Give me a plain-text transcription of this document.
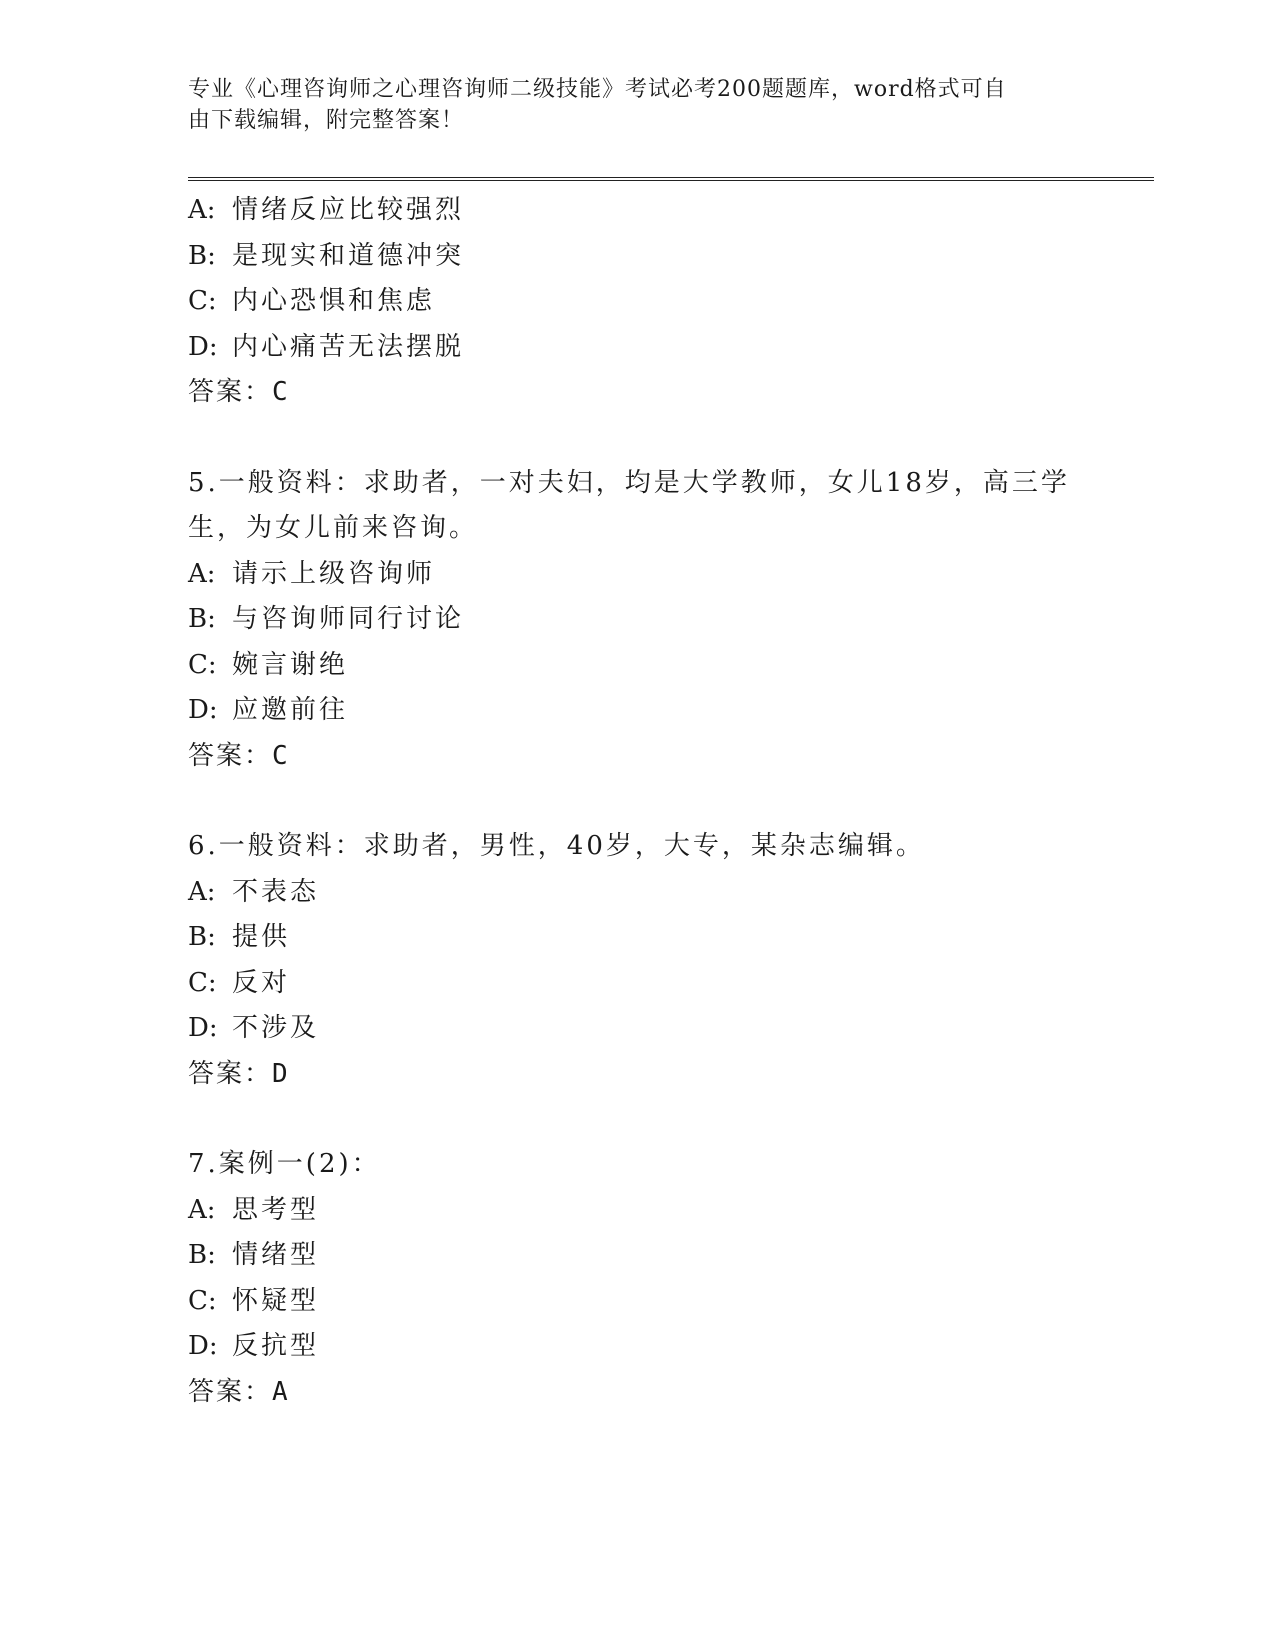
专业《心理咨询师之心理咨询师二级技能》考试必考200题题库，word格式可自
由下载编辑，附完整答案！
A: 情绪反应比较强烈
B: 是现实和道德冲突
C: 内心恐惧和焦虑
D: 内心痛苦无法摆脱
答案：C
5.一般资料：求助者，一对夫妇，均是大学教师，女儿18岁，高三学
生，为女儿前来咨询。
A: 请示上级咨询师
B: 与咨询师同行讨论
C: 婉言谢绝
D: 应邀前往
答案：C
6.一般资料：求助者，男性，40岁，大专，某杂志编辑。
A: 不表态
B: 提供
C: 反对
D: 不涉及
答案：D
7.案例一(2)：
A: 思考型
B: 情绪型
C: 怀疑型
D: 反抗型
答案：A
